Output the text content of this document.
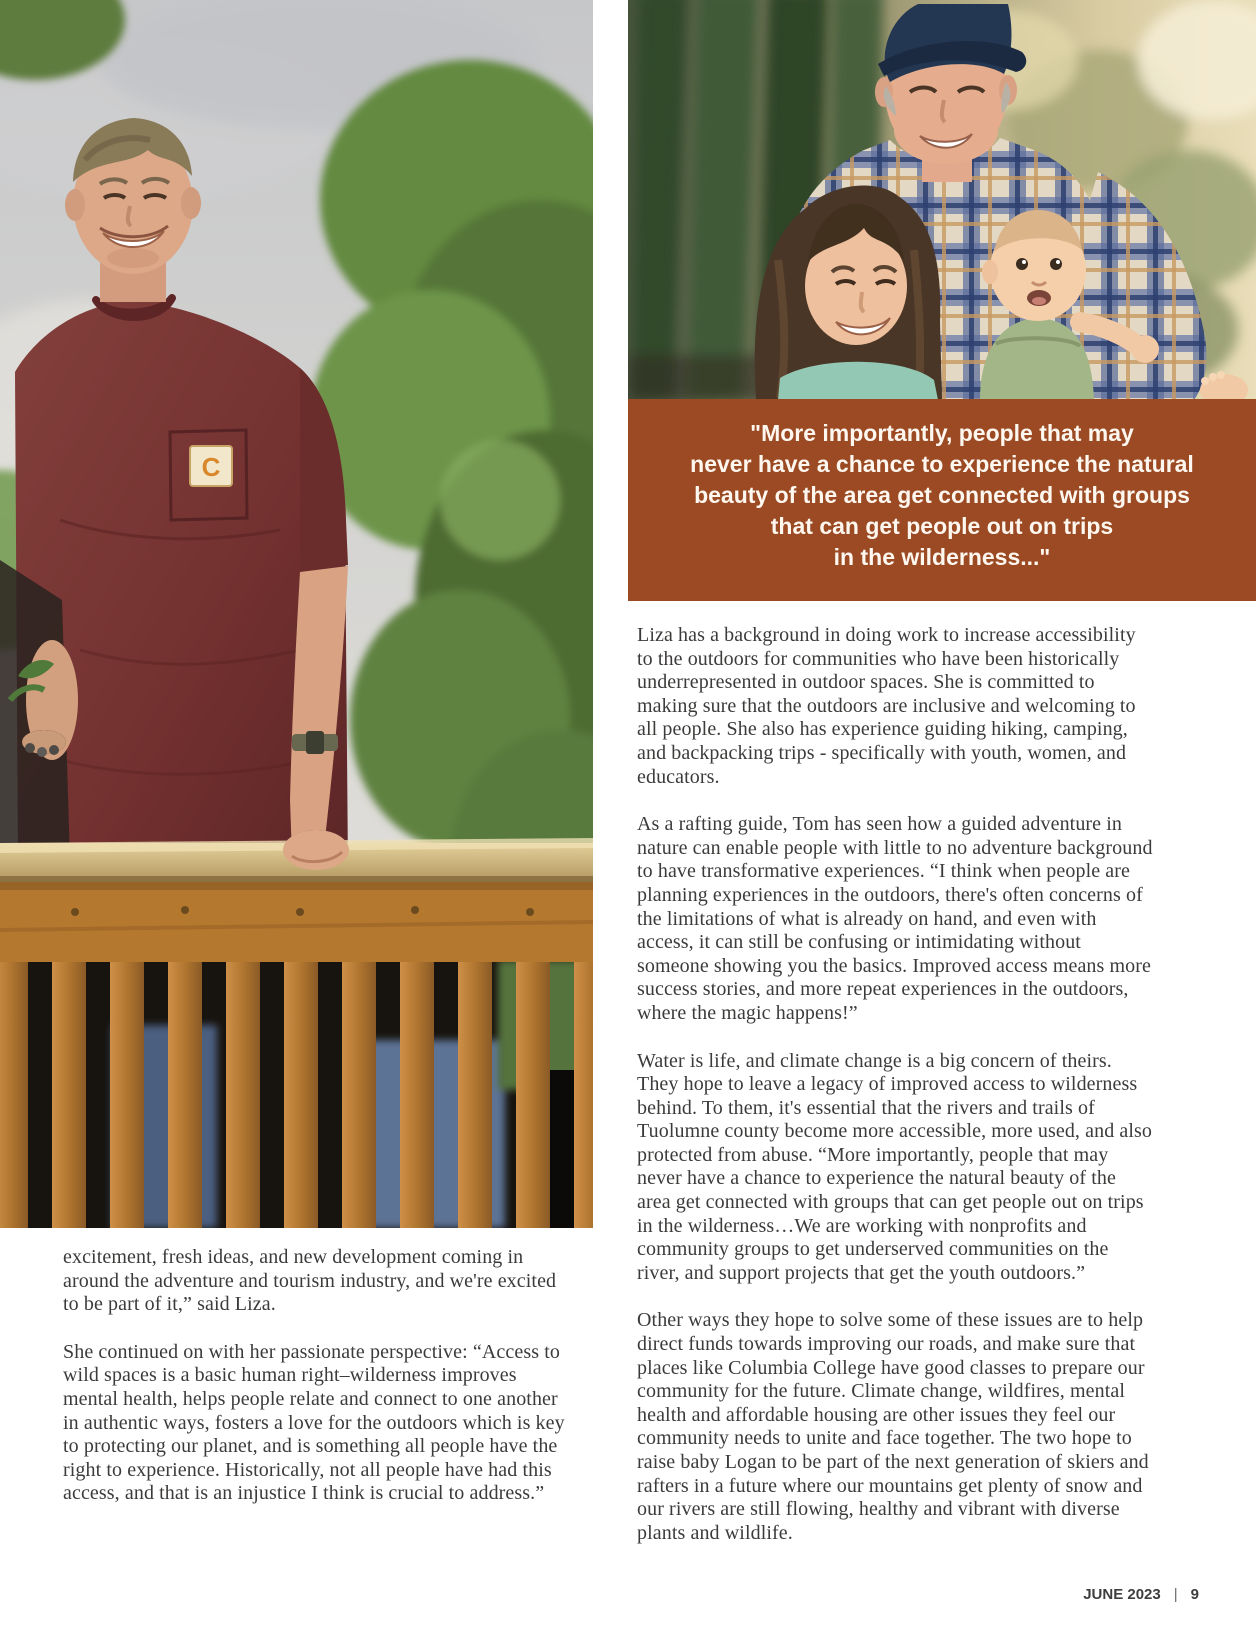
C
"More importantly, people that may
never have a chance to experience the natural
beauty of the area get connected with groups
that can get people out on trips
in the wilderness..."

excitement, fresh ideas, and new development coming in around the adventure and tourism industry, and we're excited to be part of it,” said Liza.

She continued on with her passionate perspective: “Access to wild spaces is a basic human right–wilderness improves mental health, helps people relate and connect to one another in authentic ways, fosters a love for the outdoors which is key to protecting our planet, and is something all people have the right to experience. Historically, not all people have had this access, and that is an injustice I think is crucial to address.”

Liza has a background in doing work to increase accessibility to the outdoors for communities who have been historically underrepresented in outdoor spaces. She is committed to making sure that the outdoors are inclusive and welcoming to all people. She also has experience guiding hiking, camping, and backpacking trips - specifically with youth, women, and educators.

As a rafting guide, Tom has seen how a guided adventure in nature can enable people with little to no adventure background to have transformative experiences. “I think when people are planning experiences in the outdoors, there's often concerns of the limitations of what is already on hand, and even with access, it can still be confusing or intimidating without someone showing you the basics. Improved access means more success stories, and more repeat experiences in the outdoors, where the magic happens!”

Water is life, and climate change is a big concern of theirs. They hope to leave a legacy of improved access to wilderness behind. To them, it's essential that the rivers and trails of Tuolumne county become more accessible, more used, and also protected from abuse. “More importantly, people that may never have a chance to experience the natural beauty of the area get connected with groups that can get people out on trips in the wilderness…We are working with nonprofits and community groups to get underserved communities on the river, and support projects that get the youth outdoors.”

Other ways they hope to solve some of these issues are to help direct funds towards improving our roads, and make sure that places like Columbia College have good classes to prepare our community for the future. Climate change, wildfires, mental health and affordable housing are other issues they feel our community needs to unite and face together. The two hope to raise baby Logan to be part of the next generation of skiers and rafters in a future where our mountains get plenty of snow and our rivers are still flowing, healthy and vibrant with diverse plants and wildlife.

JUNE 2023 | 9
